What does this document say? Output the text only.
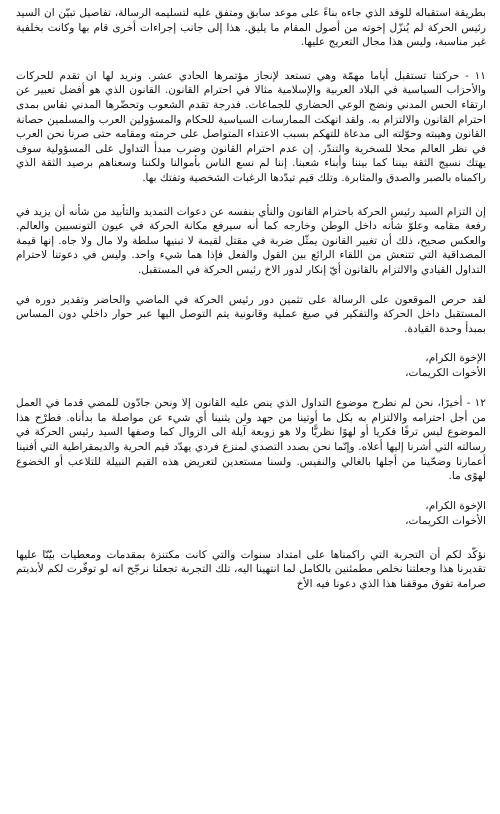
بطريقة استقباله للوفد الذي جاءه بناءً على موعد سابق ومتفق عليه لتسليمه الرسالة، تفاصيل تبيّن ان السيد رئيس الحركة لم يُنزّل إخوته من أصول المقام ما يليق. هذا إلى جانب إجراءات أخرى قام بها وكانت بخلفية غير مناسبة، وليس هذا مجال التعريج عليها.

١١ - حركتنا تستقبل أياما مهمّة وهي تستعد لإنجاز مؤتمرها الحادي عشر. ونريد لها ان تقدم للحركات والأحزاب السياسية في البلاد العربية والإسلامية مثالا في احترام القانون. القانون الذي هو أفضل تعبير عن ارتقاء الحس المدني ونضج الوعي الحضاري للجماعات. فدرجة تقدم الشعوب وتحضّرها المدني تقاس بمدى احترام القانون والالتزام به. ولقد انهكت الممارسات السياسية للحكام والمسؤولين العرب والمسلمين حصانة القانون وهيبته وحوّلته الى مدعاة للتهكم بسبب الاعتداء المتواصل على حرمته ومقامه حتى صرنا نحن العرب في نظر العالم محلا للسخرية والتندّر. إن عدم احترام القانون وضرب مبدأ التداول على المسؤولية سوف يهتك نسيج الثقة بيننا كما بيننا وأبناء شعبنا. إننا لم نسع الناس بأموالنا ولكننا وسعناهم برصيد الثقة الذي راكمناه بالصبر والصدق والمثابرة. وتلك قيم تبدّدها الرغبات الشخصية وتفتك بها.

إن التزام السيد رئيس الحركة باحترام القانون والنأي بنفسه عن دعوات التمديد والتأبيد من شأنه أن يزيد في رفعة مقامه وعلوّ شأنه داخل الوطن وخارجه كما أنه سيرفع مكانة الحركة في عيون التونسيين والعالم. والعكس صحيح، ذلك أن تغيير القانون يمثّل ضربة في مقتل لقيمة لا تبنيها سلطة ولا مال ولا جاه. إنها قيمة المصداقية التي تتنعش من اللقاء الرائع بين القول والفعل فإذا هما شيء واحد. وليس في دعوتنا لاحترام التداول القيادي والالتزام بالقانون أيّ إنكار لدور الاخ رئيس الحركة في المستقبل.

لقد حرص الموقعون على الرسالة على تثمين دور رئيس الحركة في الماضي والحاضر وتقدير دوره في المستقبل داخل الحركة والتفكير في صيغ عملية وقانونية يتم التوصل اليها عبر حوار داخلي دون المساس بمبدأ وحدة القيادة.

الإخوة الكرام،

الأخوات الكريمات،

١٢ - أخيرًا، نحن لم نطرح موضوع التداول الذي ينص عليه القانون إلا ونحن جادّون للمضي قدما في العمل من أجل احترامه والالتزام به بكل ما أوتينا من جهد ولن يثنينا أي شيء عن مواصلة ما بدأناه. فطرْح هذا الموضوع ليس ترفًا فكريا أو لهوًا نظريًّا ولا هو زوبعة آيلة الى الزوال كما وصفها السيد رئيس الحركة في رسالته التي أشرنا إليها أعلاه. وإنّما نحن بصدد التصدي لمنزع فردي يهدّد قيم الحرية والديمقراطية التي أفنينا أعمارنا وضحّينا من أجلها بالغالي والنفيس. ولسنا مستعدين لتعريض هذه القيم النبيلة للتلاعب أو الخضوع لهوًى ما.

الإخوة الكرام،

الأخوات الكريمات،

نؤكّد لكم أن التجربة التي راكمناها على امتداد سنوات والتي كانت مكتنزة بمقدمات ومعطيات بيّنّا عليها تقديرنا هذا وجعلتنا نخلص مطمئنين بالكامل لما انتهينا اليه، تلك التجربة تجعلنا نرجّح انه لو توفّرت لكم لأبديتم صرامة تفوق موقفنا هذا الذي دعونا فيه الأخ
